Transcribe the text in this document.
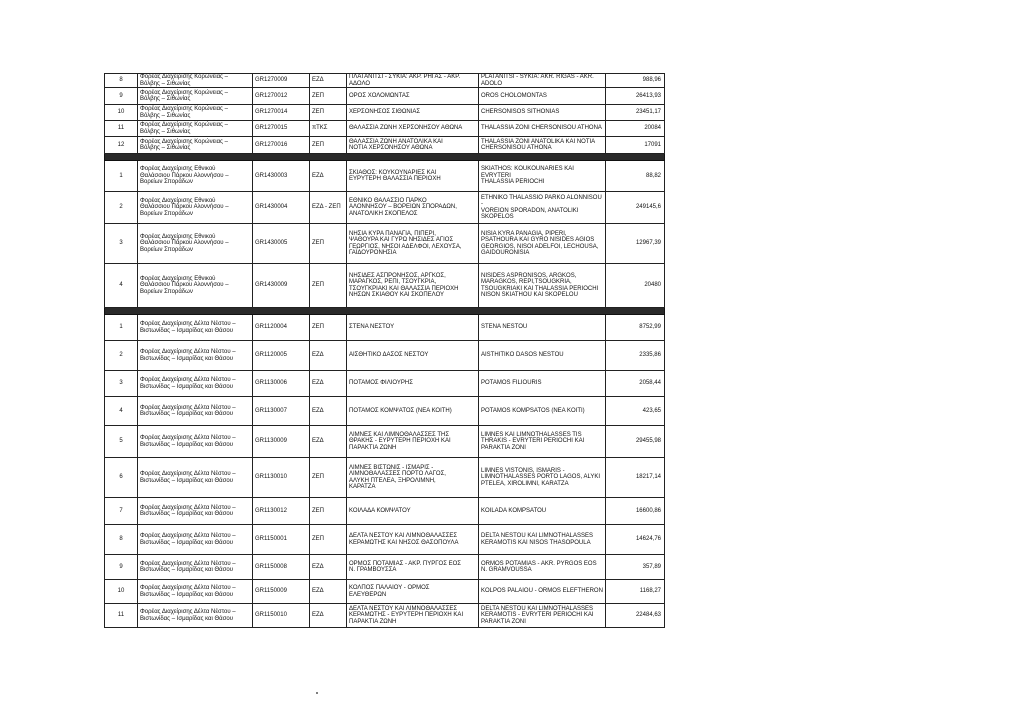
8	Φορέας Διαχείρισης Κορώνειας –
Βόλβης – Σιθωνίας	GR1270009	ΕΖΔ	ΠΛΑΤΑΝΙΤΣΙ - ΣΥΚΙΑ: ΑΚΡ. ΡΗΓΑΣ - ΑΚΡ.
ΑΔΟΛΟ	PLATANITSI - SYKIA: AKR. RIGAS - AKR.
ADOLO	988,96
9	Φορέας Διαχείρισης Κορώνειας –
Βόλβης – Σιθωνίας	GR1270012	ΖΕΠ	ΟΡΟΣ ΧΟΛΟΜΩΝΤΑΣ	OROS CHOLOMONTAS	26413,93
10	Φορέας Διαχείρισης Κορώνειας –
Βόλβης – Σιθωνίας	GR1270014	ΖΕΠ	ΧΕΡΣΟΝΗΣΟΣ ΣΙΘΩΝΙΑΣ	CHERSONISOS SITHONIAS	23451,17
11	Φορέας Διαχείρισης Κορώνειας –
Βόλβης – Σιθωνίας	GR1270015	πΤΚΣ	ΘΑΛΑΣΣΙΑ ΖΩΝΗ ΧΕΡΣΟΝΗΣΟΥ ΑΘΩΝΑ	THALASSIA ZONI CHERSONISOU ATHONA	20084
12	Φορέας Διαχείρισης Κορώνειας –
Βόλβης – Σιθωνίας	GR1270016	ΖΕΠ	ΘΑΛΑΣΣΙΑ ΖΩΝΗ ΑΝΑΤΟΛΙΚΑ ΚΑΙ
ΝΟΤΙΑ ΧΕΡΣΟΝΗΣΟΥ ΑΘΩΝΑ	THALASSIA ZONI ANATOLIKA KAI NOTIA
CHERSONISOU ATHONA	17091

1	Φορέας Διαχείρισης Εθνικού
Θαλάσσιου Πάρκου Αλοννήσου –
Βορείων Σποράδων	GR1430003	ΕΖΔ	ΣΚΙΑΘΟΣ: ΚΟΥΚΟΥΝΑΡΙΕΣ ΚΑΙ
ΕΥΡΥΤΕΡΗ ΘΑΛΑΣΣΙΑ ΠΕΡΙΟΧΗ	SKIATHOS: KOUKOUNARIES KAI EVRYTERI
THALASSIA PERIOCHI	88,82
2	Φορέας Διαχείρισης Εθνικού
Θαλάσσιου Πάρκου Αλοννήσου –
Βορείων Σποράδων	GR1430004	ΕΖΔ - ΖΕΠ	ΕΘΝΙΚΟ ΘΑΛΑΣΣΙΟ ΠΑΡΚΟ
ΑΛΟΝΝΗΣΟΥ – ΒΟΡΕΙΩΝ ΣΠΟΡΑΔΩΝ,
ΑΝΑΤΟΛΙΚΗ ΣΚΟΠΕΛΟΣ	ETHNIKO THALASSIO PARKO ALONNISOU -
VOREION SPORADON, ANATOLIKI
SKOPELOS	249145,6
3	Φορέας Διαχείρισης Εθνικού
Θαλάσσιου Πάρκου Αλοννήσου –
Βορείων Σποράδων	GR1430005	ΖΕΠ	ΝΗΣΙΑ ΚΥΡΑ ΠΑΝΑΓΙΑ, ΠΙΠΕΡΙ,
ΨΑΘΟΥΡΑ ΚΑΙ ΓΥΡΩ ΝΗΣΙΔΕΣ ΑΓΙΟΣ
ΓΕΩΡΓΙΟΣ, ΝΗΣΟΙ ΑΔΕΛΦΟΙ, ΛΕΧΟΥΣΑ,
ΓΑΪΔΟΥΡΟΝΗΣΙΑ	NISIA KYRA PANAGIA, PIPERI,
PSATHOURA KAI GYRO NISIDES AGIOS
GEORGIOS, NISOI ADELFOI, LECHOUSA,
GAIDOURONISIA	12967,39
4	Φορέας Διαχείρισης Εθνικού
Θαλάσσιου Πάρκου Αλοννήσου –
Βορείων Σποράδων	GR1430009	ΖΕΠ	ΝΗΣΙΔΕΣ ΑΣΠΡΟΝΗΣΟΣ, ΑΡΓΚΟΣ,
ΜΑΡΑΓΚΟΣ, ΡΕΠΙ, ΤΣΟΥΓΚΡΙΑ,
ΤΣΟΥΓΚΡΙΑΚΙ ΚΑΙ ΘΑΛΑΣΣΙΑ ΠΕΡΙΟΧΗ
ΝΗΣΩΝ ΣΚΙΑΘΟΥ ΚΑΙ ΣΚΟΠΕΛΟΥ	NISIDES ASPRONISOS, ARGKOS,
MARAGKOS, REPI,TSOUGKRIA,
TSOUGKRIAKI KAI THALASSIA PERIOCHI
NISON SKIATHOU KAI SKOPELOU	20480

1	Φορέας Διαχείρισης Δέλτα Νέστου –
Βιστωνίδας – Ισμαρίδας και Θάσου	GR1120004	ΖΕΠ	ΣΤΕΝΑ ΝΕΣΤΟΥ	STENA NESTOU	8752,99
2	Φορέας Διαχείρισης Δέλτα Νέστου –
Βιστωνίδας – Ισμαρίδας και Θάσου	GR1120005	ΕΖΔ	ΑΙΣΘΗΤΙΚΟ ΔΑΣΟΣ ΝΕΣΤΟΥ	AISTHITIKO DASOS NESTOU	2335,86
3	Φορέας Διαχείρισης Δέλτα Νέστου –
Βιστωνίδας – Ισμαρίδας και Θάσου	GR1130006	ΕΖΔ	ΠΟΤΑΜΟΣ ΦΙΛΙΟΥΡΗΣ	POTAMOS FILIOURIS	2058,44
4	Φορέας Διαχείρισης Δέλτα Νέστου –
Βιστωνίδας – Ισμαρίδας και Θάσου	GR1130007	ΕΖΔ	ΠΟΤΑΜΟΣ ΚΟΜΨΑΤΟΣ (ΝΕΑ ΚΟΙΤΗ)	POTAMOS KOMPSATOS (NEA KOITI)	423,65
5	Φορέας Διαχείρισης Δέλτα Νέστου –
Βιστωνίδας – Ισμαρίδας και Θάσου	GR1130009	ΕΖΔ	ΛΙΜΝΕΣ ΚΑΙ ΛΙΜΝΟΘΑΛΑΣΣΕΣ ΤΗΣ
ΘΡΑΚΗΣ - ΕΥΡΥΤΕΡΗ ΠΕΡΙΟΧΗ ΚΑΙ
ΠΑΡΑΚΤΙΑ ΖΩΝΗ	LIMNES KAI LIMNOTHALASSES TIS
THRAKIS - EVRYTERI PERIOCHI KAI
PARAKTIA ZONI	29455,98
6	Φορέας Διαχείρισης Δέλτα Νέστου –
Βιστωνίδας – Ισμαρίδας και Θάσου	GR1130010	ΖΕΠ	ΛΙΜΝΕΣ ΒΙΣΤΩΝΙΣ - ΙΣΜΑΡΙΣ -
ΛΙΜΝΟΘΑΛΑΣΣΕΣ ΠΟΡΤΟ ΛΑΓΟΣ,
ΑΛΥΚΗ ΠΤΕΛΕΑ, ΞΗΡΟΛΙΜΝΗ,
ΚΑΡΑΤΖΑ	LIMNES VISTONIS, ISMARIS -
LIMNOTHALASSES PORTO LAGOS, ALYKI
PTELEA, XIROLIMNI, KARATZA	18217,14
7	Φορέας Διαχείρισης Δέλτα Νέστου –
Βιστωνίδας – Ισμαρίδας και Θάσου	GR1130012	ΖΕΠ	ΚΟΙΛΑΔΑ ΚΟΜΨΑΤΟΥ	KOILADA KOMPSATOU	16600,86
8	Φορέας Διαχείρισης Δέλτα Νέστου –
Βιστωνίδας – Ισμαρίδας και Θάσου	GR1150001	ΖΕΠ	ΔΕΛΤΑ ΝΕΣΤΟΥ ΚΑΙ ΛΙΜΝΟΘΑΛΑΣΣΕΣ
ΚΕΡΑΜΩΤΗΣ ΚΑΙ ΝΗΣΟΣ ΘΑΣΟΠΟΥΛΑ	DELTA NESTOU KAI LIMNOTHALASSES
KERAMOTIS KAI NISOS THASOPOULA	14624,76
9	Φορέας Διαχείρισης Δέλτα Νέστου –
Βιστωνίδας – Ισμαρίδας και Θάσου	GR1150008	ΕΖΔ	ΟΡΜΟΣ ΠΟΤΑΜΙΑΣ - ΑΚΡ. ΠΥΡΓΟΣ ΕΟΣ
Ν. ΓΡΑΜΒΟΥΣΣΑ	ORMOS POTAMIAS - AKR. PYRGOS EOS
N. GRAMVOUSSA	357,89
10	Φορέας Διαχείρισης Δέλτα Νέστου –
Βιστωνίδας – Ισμαρίδας και Θάσου	GR1150009	ΕΖΔ	ΚΟΛΠΟΣ ΠΑΛΑΙΟΥ - ΟΡΜΟΣ
ΕΛΕΥΘΕΡΩΝ	KOLPOS PALAIOU - ORMOS ELEFTHERON	1168,27
11	Φορέας Διαχείρισης Δέλτα Νέστου –
Βιστωνίδας – Ισμαρίδας και Θάσου	GR1150010	ΕΖΔ	ΔΕΛΤΑ ΝΕΣΤΟΥ ΚΑΙ ΛΙΜΝΟΘΑΛΑΣΣΕΣ
ΚΕΡΑΜΩΤΗΣ - ΕΥΡΥΤΕΡΗ ΠΕΡΙΟΧΗ ΚΑΙ
ΠΑΡΑΚΤΙΑ ΖΩΝΗ	DELTA NESTOU KAI LIMNOTHALASSES
KERAMOTIS - EVRYTERI PERIOCHI KAI
PARAKTIA ZONI	22484,63
